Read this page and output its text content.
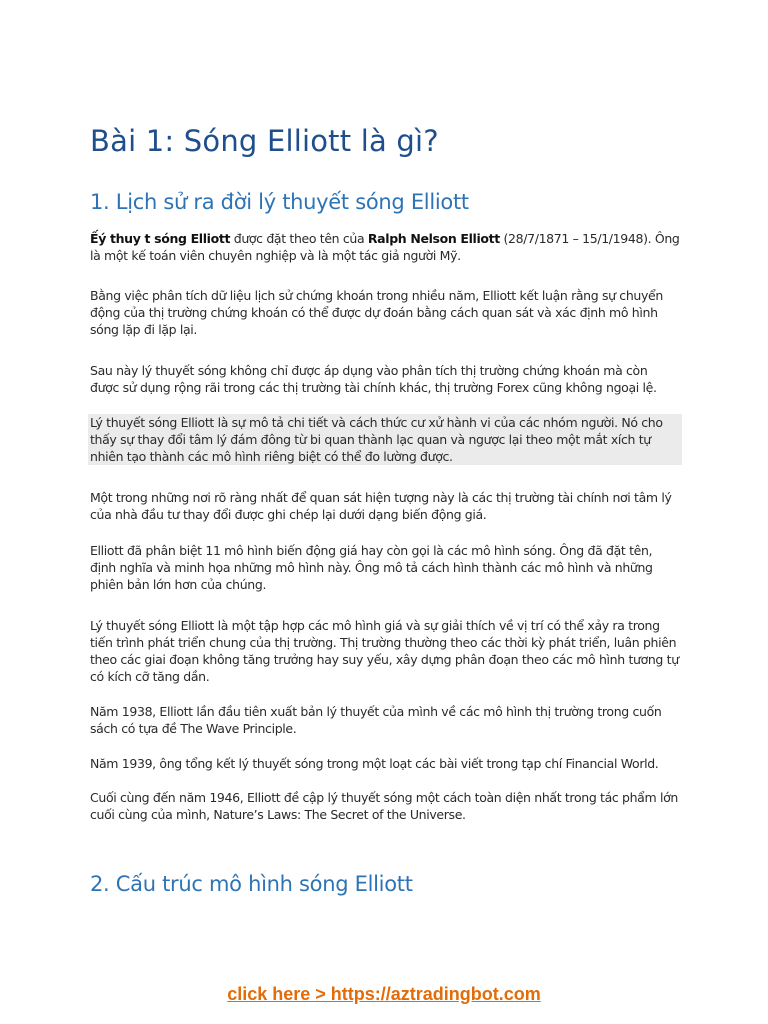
Bài 1: Sóng Elliott là gì?
1. Lịch sử ra đời lý thuyết sóng Elliott

Ếý thuy t sóng Elliott được đặt theo tên của Ralph Nelson Elliott (28/7/1871 – 15/1/1948). Ông là một kế toán viên chuyên nghiệp và là một tác giả người Mỹ.

Bằng việc phân tích dữ liệu lịch sử chứng khoán trong nhiều năm, Elliott kết luận rằng sự chuyển động của thị trường chứng khoán có thể được dự đoán bằng cách quan sát và xác định mô hình sóng lặp đi lặp lại.

Sau này lý thuyết sóng không chỉ được áp dụng vào phân tích thị trường chứng khoán mà còn được sử dụng rộng rãi trong các thị trường tài chính khác, thị trường Forex cũng không ngoại lệ.

Lý thuyết sóng Elliott là sự mô tả chi tiết và cách thức cư xử hành vi của các nhóm người. Nó cho thấy sự thay đổi tâm lý đám đông từ bi quan thành lạc quan và ngược lại theo một mắt xích tự nhiên tạo thành các mô hình riêng biệt có thể đo lường được.

Một trong những nơi rõ ràng nhất để quan sát hiện tượng này là các thị trường tài chính nơi tâm lý của nhà đầu tư thay đổi được ghi chép lại dưới dạng biến động giá.

Elliott đã phân biệt 11 mô hình biến động giá hay còn gọi là các mô hình sóng. Ông đã đặt tên, định nghĩa và minh họa những mô hình này. Ông mô tả cách hình thành các mô hình và những phiên bản lớn hơn của chúng.

Lý thuyết sóng Elliott là một tập hợp các mô hình giá và sự giải thích về vị trí có thể xảy ra trong tiến trình phát triển chung của thị trường. Thị trường thường theo các thời kỳ phát triển, luân phiên theo các giai đoạn không tăng trưởng hay suy yếu, xây dựng phân đoạn theo các mô hình tương tự có kích cỡ tăng dần.

Năm 1938, Elliott lần đầu tiên xuất bản lý thuyết của mình về các mô hình thị trường trong cuốn sách có tựa đề The Wave Principle.

Năm 1939, ông tổng kết lý thuyết sóng trong một loạt các bài viết trong tạp chí Financial World.

Cuối cùng đến năm 1946, Elliott đề cập lý thuyết sóng một cách toàn diện nhất trong tác phẩm lớn cuối cùng của mình, Nature’s Laws: The Secret of the Universe.

2. Cấu trúc mô hình sóng Elliott
click here > https://aztradingbot.com
